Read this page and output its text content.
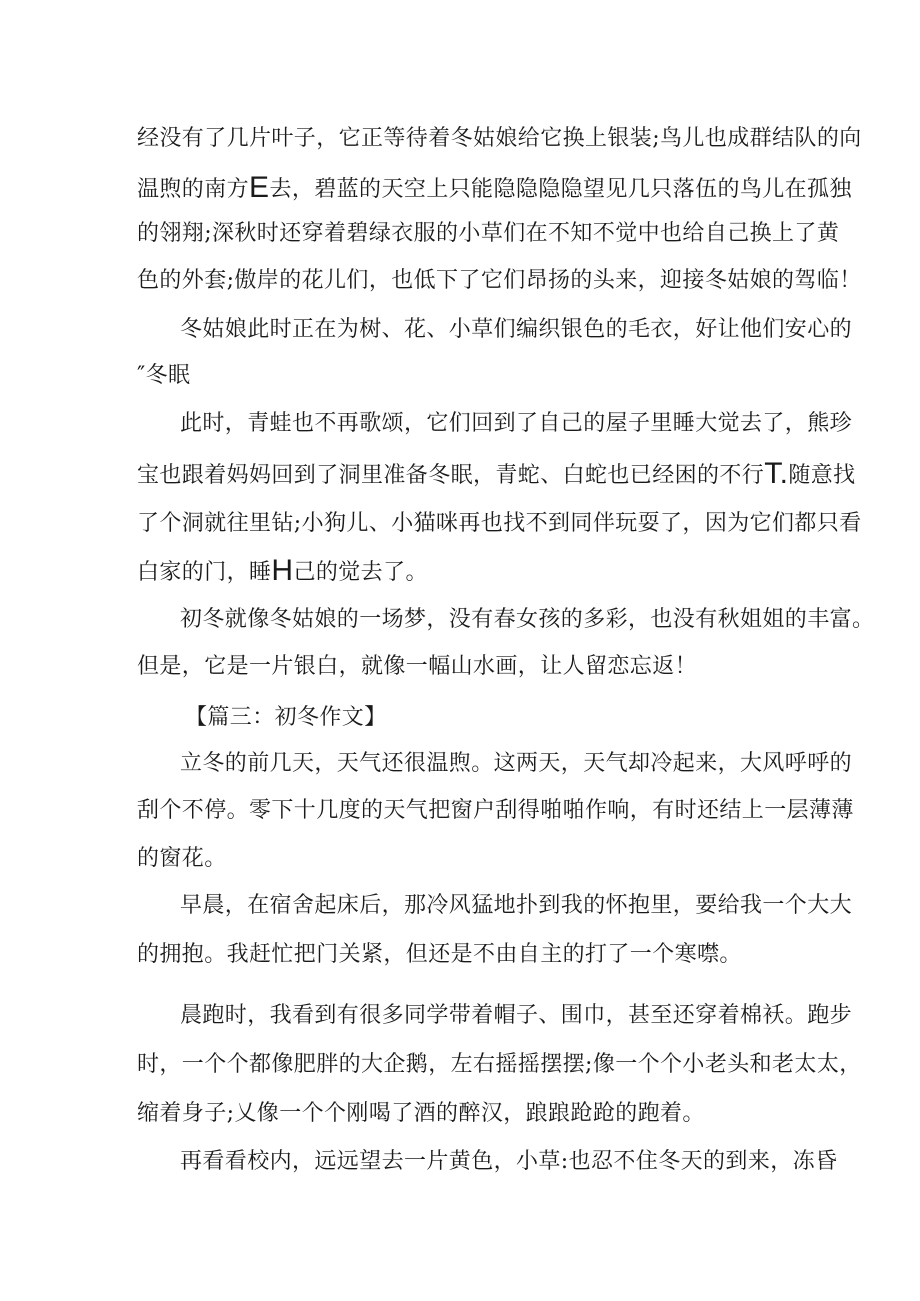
经没有了几片叶子，它正等待着冬姑娘给它换上银装;鸟儿也成群结队的向
温煦的南方E去，碧蓝的天空上只能隐隐隐隐望见几只落伍的鸟儿在孤独
的翎翔;深秋时还穿着碧绿衣服的小草们在不知不觉中也给自己换上了黄
色的外套;傲岸的花儿们，也低下了它们昂扬的头来，迎接冬姑娘的驾临！
冬姑娘此时正在为树、花、小草们编织银色的毛衣，好让他们安心的
″冬眠
此时，青蛙也不再歌颂，它们回到了自己的屋子里睡大觉去了，熊珍
宝也跟着妈妈回到了洞里准备冬眠，青蛇、白蛇也已经困的不行T.随意找
了个洞就往里钻;小狗儿、小猫咪再也找不到同伴玩耍了，因为它们都只看
白家的门，睡H己的觉去了。
初冬就像冬姑娘的一场梦，没有春女孩的多彩，也没有秋姐姐的丰富。
但是，它是一片银白，就像一幅山水画，让人留恋忘返！
【篇三：初冬作文】
立冬的前几天，天气还很温煦。这两天，天气却冷起来，大风呼呼的
刮个不停。零下十几度的天气把窗户刮得啪啪作响，有时还结上一层薄薄
的窗花。
早晨，在宿舍起床后，那冷风猛地扑到我的怀抱里，要给我一个大大
的拥抱。我赶忙把门关紧，但还是不由自主的打了一个寒噤。
晨跑时，我看到有很多同学带着帽子、围巾，甚至还穿着棉袄。跑步
时，一个个都像肥胖的大企鹅，左右摇摇摆摆;像一个个小老头和老太太，
缩着身子;乂像一个个刚喝了酒的醉汉，踉踉跄跄的跑着。
再看看校内，远远望去一片黄色，小草:也忍不住冬天的到来，冻昏
